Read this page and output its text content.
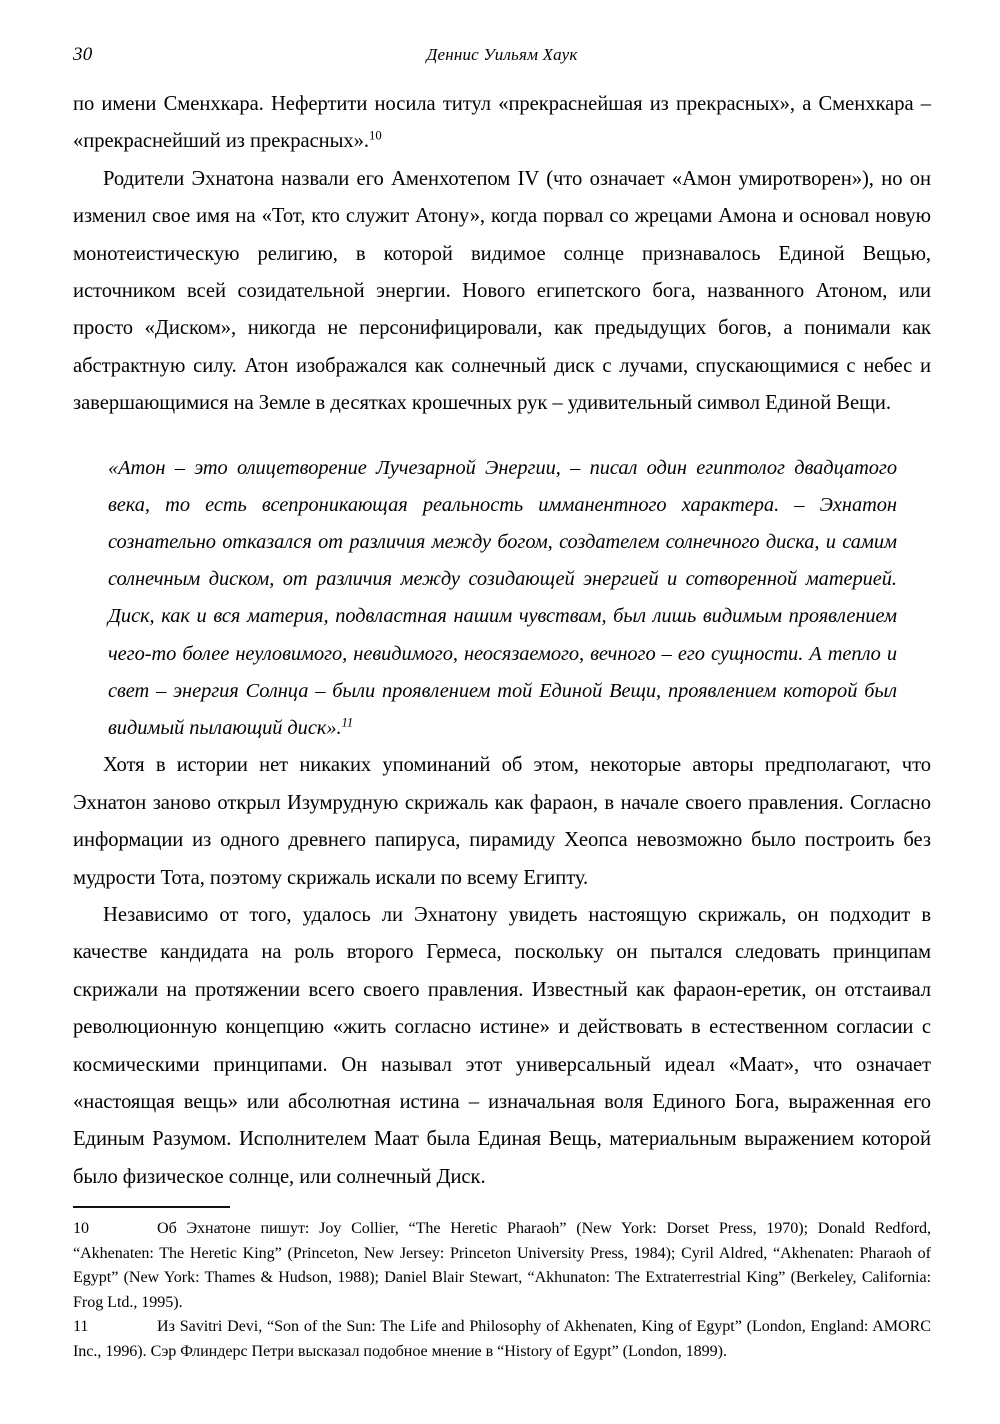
30	Деннис Уильям Хаук

по имени Сменхкара. Нефертити носила титул «прекраснейшая из прекрасных», а Сменхкара – «прекраснейший из прекрасных».$^{10}$

Родители Эхнатона назвали его Аменхотепом IV (что означает «Амон умиротворен»), но он изменил свое имя на «Тот, кто служит Атону», когда порвал со жрецами Амона и основал новую монотеистическую религию, в которой видимое солнце признавалось Единой Вещью, источником всей созидательной энергии. Нового египетского бога, названного Атоном, или просто «Диском», никогда не персонифицировали, как предыдущих богов, а понимали как абстрактную силу. Атон изображался как солнечный диск с лучами, спускающимися с небес и завершающимися на Земле в десятках крошечных рук – удивительный символ Единой Вещи.

«Атон – это олицетворение Лучезарной Энергии, – писал один египтолог двадцатого века, то есть всепроникающая реальность имманентного характера. – Эхнатон сознательно отказался от различия между богом, создателем солнечного диска, и самим солнечным диском, от различия между созидающей энергией и сотворенной материей. Диск, как и вся материя, подвластная нашим чувствам, был лишь видимым проявлением чего-то более неуловимого, невидимого, неосязаемого, вечного – его сущности. А тепло и свет – энергия Солнца – были проявлением той Единой Вещи, проявлением которой был видимый пылающий диск».$^{11}$

Хотя в истории нет никаких упоминаний об этом, некоторые авторы предполагают, что Эхнатон заново открыл Изумрудную скрижаль как фараон, в начале своего правления. Согласно информации из одного древнего папируса, пирамиду Хеопса невозможно было построить без мудрости Тота, поэтому скрижаль искали по всему Египту.

Независимо от того, удалось ли Эхнатону увидеть настоящую скрижаль, он подходит в качестве кандидата на роль второго Гермеса, поскольку он пытался следовать принципам скрижали на протяжении всего своего правления. Известный как фараон-еретик, он отстаивал революционную концепцию «жить согласно истине» и действовать в естественном согласии с космическими принципами. Он называл этот универсальный идеал «Маат», что означает «настоящая вещь» или абсолютная истина – изначальная воля Единого Бога, выраженная его Единым Разумом. Исполнителем Маат была Единая Вещь, материальным выражением которой было физическое солнце, или солнечный Диск.

10	Об Эхнатоне пишут: Joy Collier, “The Heretic Pharaoh” (New York: Dorset Press, 1970); Donald Redford, “Akhenaten: The Heretic King” (Princeton, New Jersey: Princeton University Press, 1984); Cyril Aldred, “Akhenaten: Pharaoh of Egypt” (New York: Thames & Hudson, 1988); Daniel Blair Stewart, “Akhunaton: The Extraterrestrial King” (Berkeley, California: Frog Ltd., 1995).

11	Из Savitri Devi, “Son of the Sun: The Life and Philosophy of Akhenaten, King of Egypt” (London, England: AMORC Inc., 1996). Сэр Флиндерс Петри высказал подобное мнение в “History of Egypt” (London, 1899).
